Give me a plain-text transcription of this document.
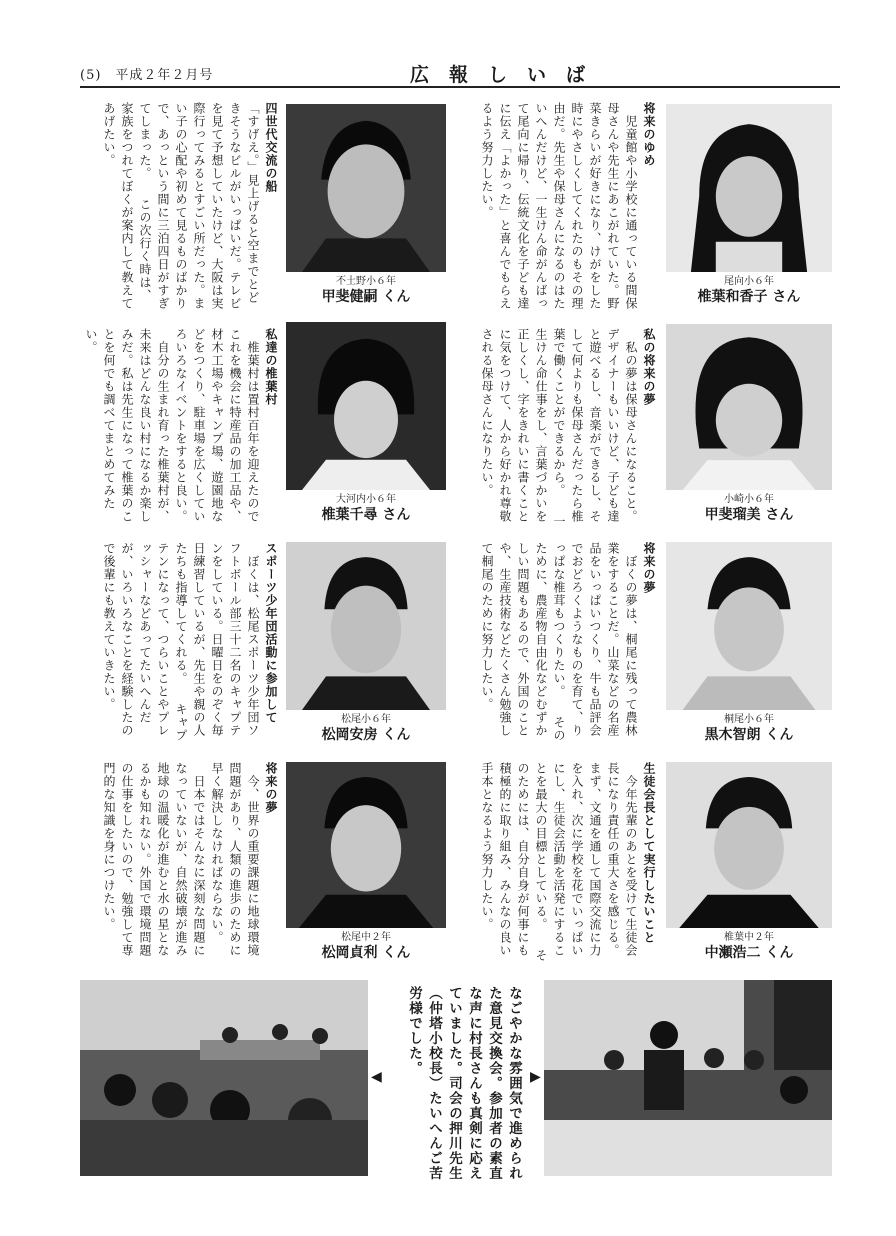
(5)　平成２年２月号	広報しいば
尾向小６年
椎葉和香子 さん
将来のゆめ
　児童館や小学校に通っている間保母さんや先生にあこがれていた。野菜きらいが好きになり、けがをした時にやさしくしてくれたのもその理由だ。先生や保母さんになるのはたいへんだけど、一生けん命がんばって尾向に帰り、伝統文化を子ども達に伝え「よかった」と喜んでもらえるよう努力したい。
不土野小６年
甲斐健嗣 くん
四世代交流の船
「すげえ。」見上げると空までとどきそうなビルがいっぱいだ。テレビを見て予想していたけど、大阪は実際行ってみるとすごい所だった。まい子の心配や初めて見るものばかりで、あっという間に三泊四日がすぎてしまった。 　この次行く時は、家族をつれてぼくが案内して教えてあげたい。
小崎小６年
甲斐瑠美 さん
私の将来の夢
　私の夢は保母さんになること。デザイナーもいいけど、子ども達と遊べるし、音楽ができるし、そして何よりも保母さんだったら椎葉で働くことができるから。 　一生けん命仕事をし、言葉づかいを正しくし、字をきれいに書くことに気をつけて、人から好かれ尊敬される保母さんになりたい。
大河内小６年
椎葉千尋 さん
私達の椎葉村
　椎葉村は置村百年を迎えたのでこれを機会に特産品の加工品や、材木工場やキャンプ場、遊園地などをつくり、駐車場を広くしていろいろなイベントをすると良い。 　自分の生まれ育った椎葉村が、未来はどんな良い村になるか楽しみだ。私は先生になって椎葉のことを何でも調べてまとめてみたい。
桐尾小６年
黒木智朗 くん
将来の夢
　ぼくの夢は、桐尾に残って農林業をすることだ。山菜などの名産品をいっぱいつくり、牛も品評会でおどろくようなものを育て、りっぱな椎茸もつくりたい。 　そのために、農産物自由化などむずかしい問題もあるので、外国のことや、生産技術などたくさん勉強して桐尾のために努力したい。
松尾小６年
松岡安房 くん
スポーツ少年団活動に参加して
　ぼくは、松尾スポーツ少年団ソフトボール部三十二名のキャプテンをしている。日曜日をのぞく毎日練習しているが、先生や親の人たちも指導してくれる。 　キャプテンになって、つらいことやプレッシャーなどあってたいへんだが、いろいろなことを経験したので後輩にも教えていきたい。
椎葉中２年
中瀬浩二 くん
生徒会長として実行したいこと
　今年先輩のあとを受けて生徒会長になり責任の重大さを感じる。まず、文通を通して国際交流に力を入れ、次に学校を花でいっぱいにし、生徒会活動を活発にすることを最大の目標としている。 　そのためには、自分自身が何事にも積極的に取り組み、みんなの良い手本となるよう努力したい。
松尾中２年
松岡貞利 くん
将来の夢
　今、世界の重要課題に地球環境問題があり、人類の進歩のために早く解決しなければならない。 　日本ではそんなに深刻な問題になっていないが、自然破壊が進み地球の温暖化が進むと水の星となるかも知れない。外国で環境問題の仕事をしたいので、勉強して専門的な知識を身につけたい。
◀	なごやかな雰囲気で進められた意見交換会。参加者の素直な声に村長さんも真剣に応えていました。司会の押川先生（仲塔小校長）たいへんご苦労様でした。
▶
